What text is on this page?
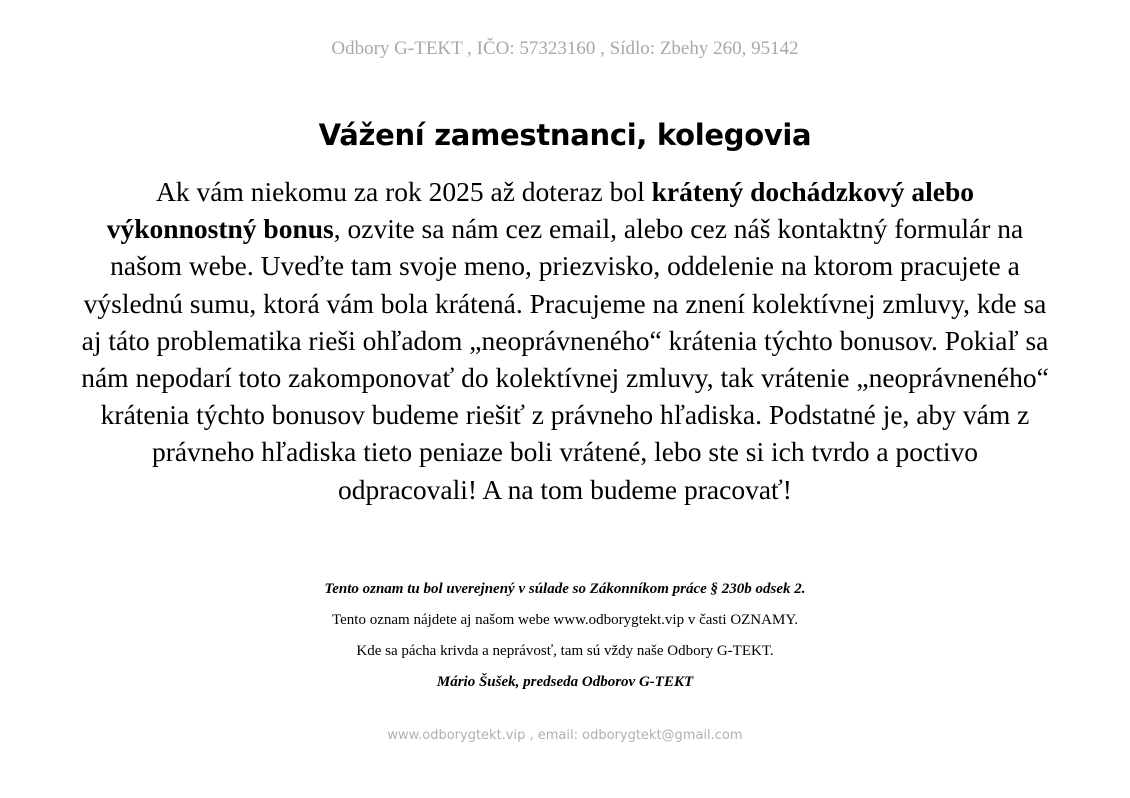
Odbory G-TEKT , IČO: 57323160 , Sídlo: Zbehy 260, 95142
Vážení zamestnanci, kolegovia
Ak vám niekomu za rok 2025 až doteraz bol krátený dochádzkový alebo výkonnostný bonus, ozvite sa nám cez email, alebo cez náš kontaktný formulár na našom webe. Uveďte tam svoje meno, priezvisko, oddelenie na ktorom pracujete a výslednú sumu, ktorá vám bola krátená. Pracujeme na znení kolektívnej zmluvy, kde sa aj táto problematika rieši ohľadom „neoprávneného“ krátenia týchto bonusov. Pokiaľ sa nám nepodarí toto zakomponovať do kolektívnej zmluvy, tak vrátenie „neoprávneného“ krátenia týchto bonusov budeme riešiť z právneho hľadiska. Podstatné je, aby vám z právneho hľadiska tieto peniaze boli vrátené, lebo ste si ich tvrdo a poctivo odpracovali! A na tom budeme pracovať!
Tento oznam tu bol uverejnený v súlade so Zákonníkom práce § 230b odsek 2.
Tento oznam nájdete aj našom webe www.odborygtekt.vip v časti OZNAMY.
Kde sa pácha krivda a neprávosť, tam sú vždy naše Odbory G-TEKT.
Mário Šušek, predseda Odborov G-TEKT
www.odborygtekt.vip , email: odborygtekt@gmail.com
